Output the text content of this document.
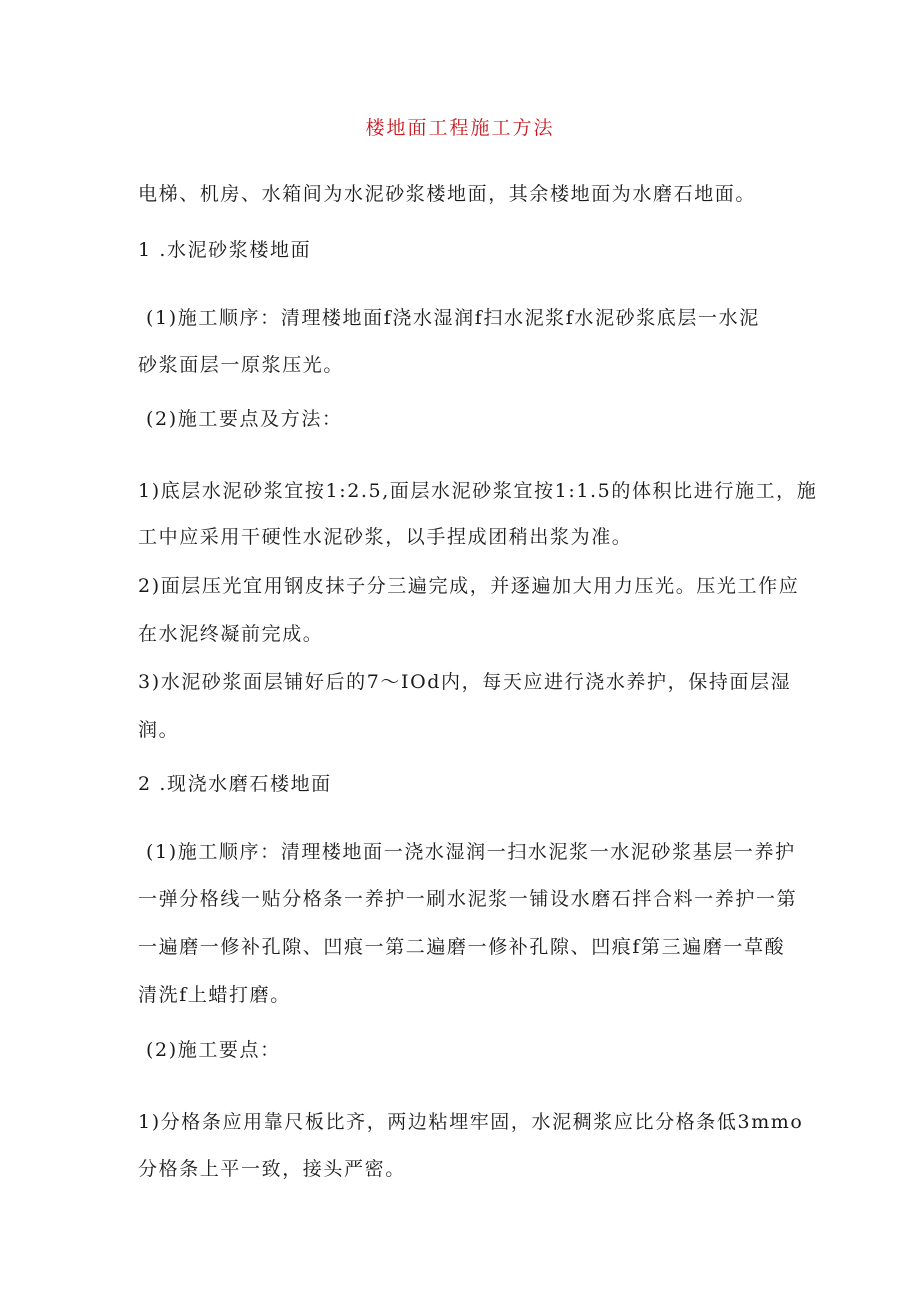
楼地面工程施工方法
电梯、机房、水箱间为水泥砂浆楼地面，其余楼地面为水磨石地面。
1 .水泥砂浆楼地面
(1)施工顺序：清理楼地面f浇水湿润f扫水泥浆f水泥砂浆底层一水泥
砂浆面层一原浆压光。
(2)施工要点及方法：
1)底层水泥砂浆宜按1:2.5,面层水泥砂浆宜按1:1.5的体积比进行施工，施
工中应采用干硬性水泥砂浆，以手捏成团稍出浆为准。
2)面层压光宜用钢皮抹子分三遍完成，并逐遍加大用力压光。压光工作应
在水泥终凝前完成。
3)水泥砂浆面层铺好后的7～IOd内，每天应进行浇水养护，保持面层湿
润。
2 .现浇水磨石楼地面
(1)施工顺序：清理楼地面一浇水湿润一扫水泥浆一水泥砂浆基层一养护
一弹分格线一贴分格条一养护一刷水泥浆一铺设水磨石拌合料一养护一第
一遍磨一修补孔隙、凹痕一第二遍磨一修补孔隙、凹痕f第三遍磨一草酸
清洗f上蜡打磨。
(2)施工要点：
1)分格条应用靠尺板比齐，两边粘埋牢固，水泥稠浆应比分格条低3mmo
分格条上平一致，接头严密。
